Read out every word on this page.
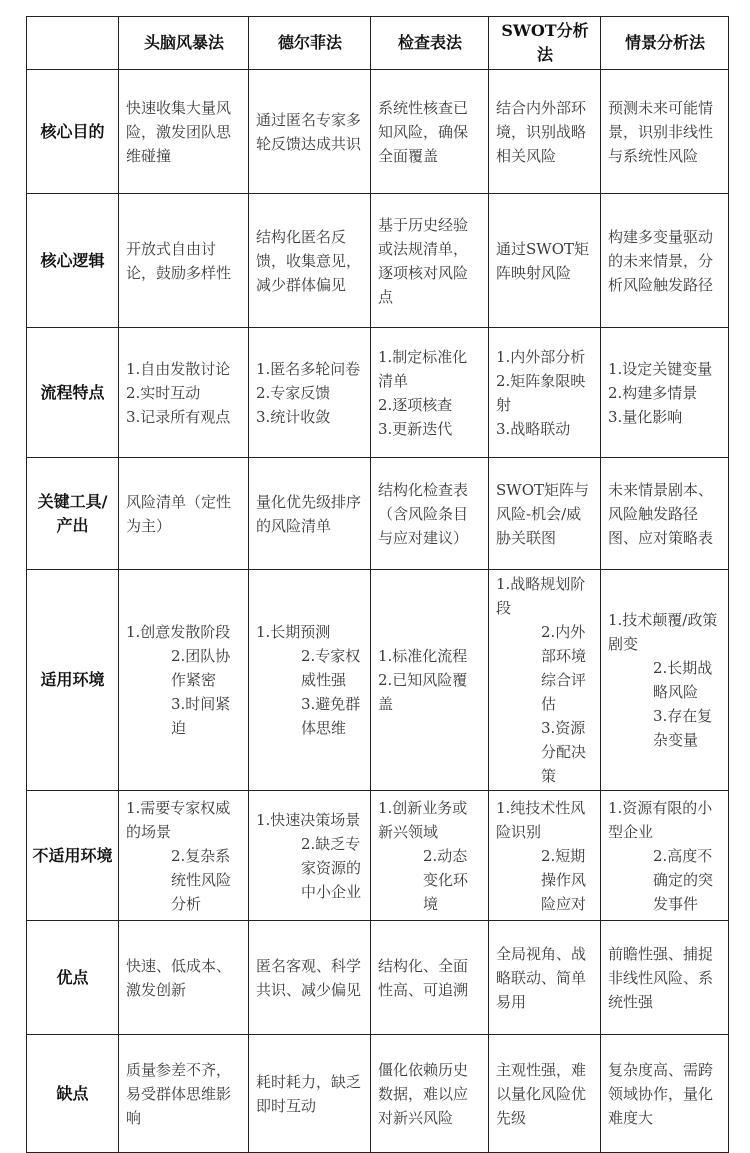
	头脑风暴法	德尔菲法	检查表法	SWOT分析法	情景分析法
核心目的	快速收集大量风险，激发团队思维碰撞	通过匿名专家多轮反馈达成共识	系统性核查已知风险，确保全面覆盖	结合内外部环境，识别战略相关风险	预测未来可能情景，识别非线性与系统性风险

核心逻辑	开放式自由讨论，鼓励多样性	结构化匿名反馈，收集意见，减少群体偏见	基于历史经验或法规清单，逐项核对风险点	通过SWOT矩阵映射风险	构建多变量驱动的未来情景，分析风险触发路径

流程特点	1.自由发散讨论
2.实时互动
3.记录所有观点	1.匿名多轮问卷
2.专家反馈
3.统计收敛	1.制定标准化清单
2.逐项核查
3.更新迭代	1.内外部分析
2.矩阵象限映射
3.战略联动	1.设定关键变量
2.构建多情景
3.量化影响

关键工具/产出	风险清单（定性为主）	量化优先级排序的风险清单	结构化检查表（含风险条目与应对建议）	SWOT矩阵与风险-机会/威胁关联图	未来情景剧本、风险触发路径图、应对策略表

适用环境	1.创意发散阶段
2.团队协作紧密
3.时间紧迫	1.长期预测
2.专家权威性强
3.避免群体思维	1.标准化流程
2.已知风险覆盖	1.战略规划阶段
2.内外部环境综合评估
3.资源分配决策	1.技术颠覆/政策剧变
2.长期战略风险
3.存在复杂变量

不适用环境	1.需要专家权威的场景
2.复杂系统性风险分析	1.快速决策场景
2.缺乏专家资源的中小企业	1.创新业务或新兴领域
2.动态变化环境	1.纯技术性风险识别
2.短期操作风险应对	1.资源有限的小型企业
2.高度不确定的突发事件

优点	快速、低成本、激发创新	匿名客观、科学共识、减少偏见	结构化、全面性高、可追溯	全局视角、战略联动、简单易用	前瞻性强、捕捉非线性风险、系统性强

缺点	质量参差不齐，易受群体思维影响	耗时耗力，缺乏即时互动	僵化依赖历史数据，难以应对新兴风险	主观性强，难以量化风险优先级	复杂度高、需跨领域协作，量化难度大
